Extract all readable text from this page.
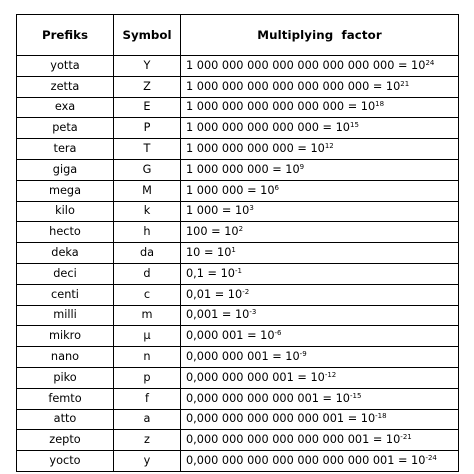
Prefiks	Symbol	Multiplying factor
yotta	Y	1 000 000 000 000 000 000 000 $000 = 10^{24}$
zetta	Z	1 000 000 000 000 000 000 $000 = 10^{21}$
exa	E	1 000 000 000 000 000 $000 = 10^{18}$
peta	P	1 000 000 000 000 $000 = 10^{15}$
tera	T	1 000 000 000 $000 = 10^{12}$
giga	G	1 000 000 $000 = 10^9$
mega	M	1 000 $000 = 10^6$
kilo	k	1 $000 = 10^3$
hecto	h	$100 = 10^2$
deka	da	$10 = 10^1$
deci	d	$0,1 = 10^{-1}$
centi	c	$0,01 = 10^{-2}$
milli	m	$0,001 = 10^{-3}$
mikro	µ	0,000 $001 = 10^{-6}$
nano	n	0,000 000 $001 = 10^{-9}$
piko	p	0,000 000 000 $001 = 10^{-12}$
femto	f	0,000 000 000 000 $001 = 10^{-15}$
atto	a	0,000 000 000 000 000 $001 = 10^{-18}$
zepto	z	0,000 000 000 000 000 000 $001 = 10^{-21}$
yocto	y	0,000 000 000 000 000 000 000 $001 = 10^{-24}$
